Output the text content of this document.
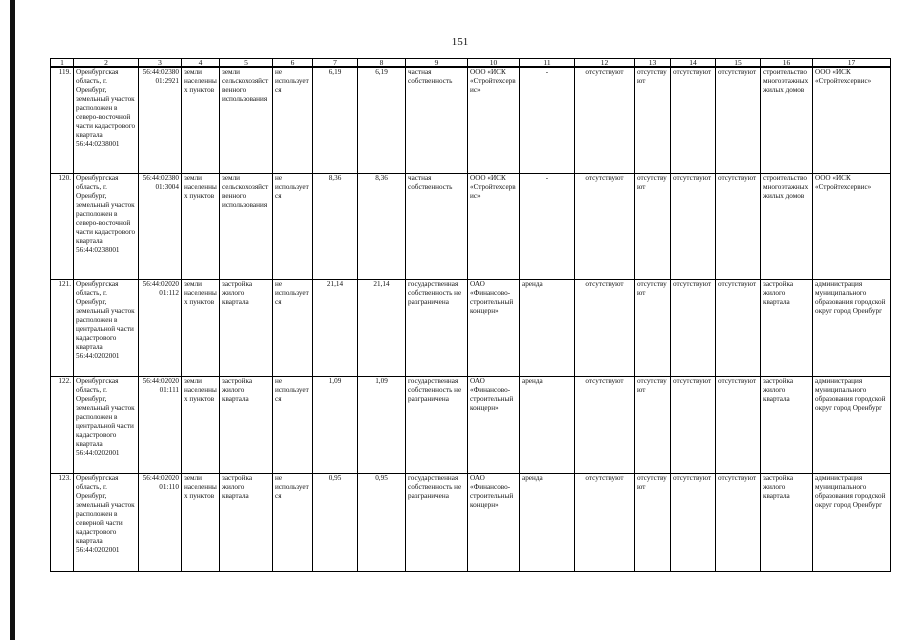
151
1	2	3	4	5	6	7	8	9	10	11	12	13	14	15	16	17
119.	Оренбургская область, г. Оренбург, земельный участок расположен в северо-восточной части кадастрового квартала 56:44:0238001	56:44:0238001:2921	земли населенных пунктов	земли сельскохозяйственного использования	не используется	6,19	6,19	частная собственность	ООО «ИСК «Стройтехсервис»	-	отсутствуют	отсутствуют	отсутствуют	отсутствуют	строительство многоэтажных жилых домов	ООО «ИСК «Стройтехсервис»
120.	Оренбургская область, г. Оренбург, земельный участок расположен в северо-восточной части кадастрового квартала 56:44:0238001	56:44:0238001:3004	земли населенных пунктов	земли сельскохозяйственного использования	не используется	8,36	8,36	частная собственность	ООО «ИСК «Стройтехсервис»	-	отсутствуют	отсутствуют	отсутствуют	отсутствуют	строительство многоэтажных жилых домов	ООО «ИСК «Стройтехсервис»
121.	Оренбургская область, г. Оренбург, земельный участок расположен в центральной части кадастрового квартала 56:44:0202001	56:44:0202001:112	земли населенных пунктов	застройка жилого квартала	не используется	21,14	21,14	государственная собственность не разграничена	ОАО «Финансово-строительный концерн»	аренда	отсутствуют	отсутствуют	отсутствуют	отсутствуют	застройка жилого квартала	администрация муниципального образования городской округ город Оренбург
122.	Оренбургская область, г. Оренбург, земельный участок расположен в центральной части кадастрового квартала 56:44:0202001	56:44:0202001:111	земли населенных пунктов	застройка жилого квартала	не используется	1,09	1,09	государственная собственность не разграничена	ОАО «Финансово-строительный концерн»	аренда	отсутствуют	отсутствуют	отсутствуют	отсутствуют	застройка жилого квартала	администрация муниципального образования городской округ город Оренбург
123.	Оренбургская область, г. Оренбург, земельный участок расположен в северной части кадастрового квартала 56:44:0202001	56:44:0202001:110	земли населенных пунктов	застройка жилого квартала	не используется	0,95	0,95	государственная собственность не разграничена	ОАО «Финансово-строительный концерн»	аренда	отсутствуют	отсутствуют	отсутствуют	отсутствуют	застройка жилого квартала	администрация муниципального образования городской округ город Оренбург
